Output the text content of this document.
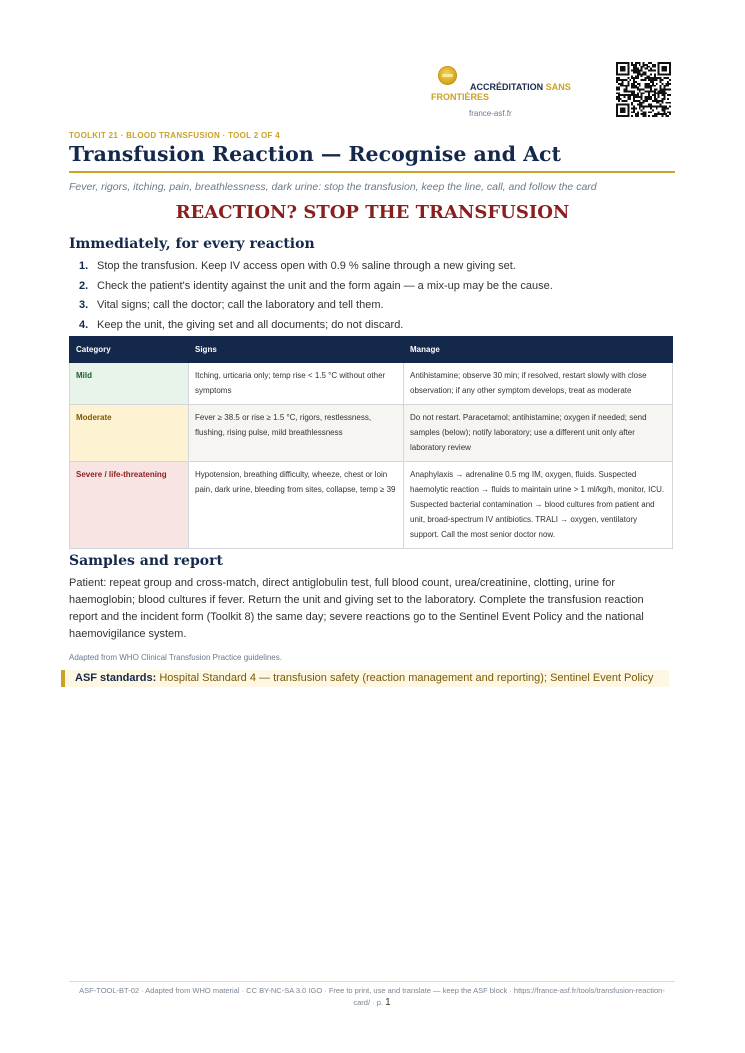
ACCRÉDITATION SANS
FRONTIÈRES
france-asf.fr
TOOLKIT 21 · BLOOD TRANSFUSION · TOOL 2 OF 4
Transfusion Reaction — Recognise and Act
Fever, rigors, itching, pain, breathlessness, dark urine: stop the transfusion, keep the line, call, and follow the card
REACTION? STOP THE TRANSFUSION
Immediately, for every reaction
1. Stop the transfusion. Keep IV access open with 0.9 % saline through a new giving set.
2. Check the patient's identity against the unit and the form again — a mix-up may be the cause.
3. Vital signs; call the doctor; call the laboratory and tell them.
4. Keep the unit, the giving set and all documents; do not discard.
Category	Signs	Manage
Mild	Itching, urticaria only; temp rise < 1.5 °C without other symptoms	Antihistamine; observe 30 min; if resolved, restart slowly with close observation; if any other symptom develops, treat as moderate
Moderate	Fever ≥ 38.5 or rise ≥ 1.5 °C, rigors, restlessness, flushing, rising pulse, mild breathlessness	Do not restart. Paracetamol; antihistamine; oxygen if needed; send samples (below); notify laboratory; use a different unit only after laboratory review
Severe / life-threatening	Hypotension, breathing difficulty, wheeze, chest or loin pain, dark urine, bleeding from sites, collapse, temp ≥ 39	Anaphylaxis → adrenaline 0.5 mg IM, oxygen, fluids. Suspected haemolytic reaction → fluids to maintain urine > 1 ml/kg/h, monitor, ICU. Suspected bacterial contamination → blood cultures from patient and unit, broad-spectrum IV antibiotics. TRALI → oxygen, ventilatory support. Call the most senior doctor now.
Samples and report
Patient: repeat group and cross-match, direct antiglobulin test, full blood count, urea/creatinine, clotting, urine for haemoglobin; blood cultures if fever. Return the unit and giving set to the laboratory. Complete the transfusion reaction report and the incident form (Toolkit 8) the same day; severe reactions go to the Sentinel Event Policy and the national haemovigilance system.
Adapted from WHO Clinical Transfusion Practice guidelines.
ASF standards: Hospital Standard 4 — transfusion safety (reaction management and reporting); Sentinel Event Policy
ASF-TOOL-BT-02 · Adapted from WHO material · CC BY-NC-SA 3.0 IGO · Free to print, use and translate — keep the ASF block · https://france-asf.fr/tools/transfusion-reaction-
card/ · p. 1
